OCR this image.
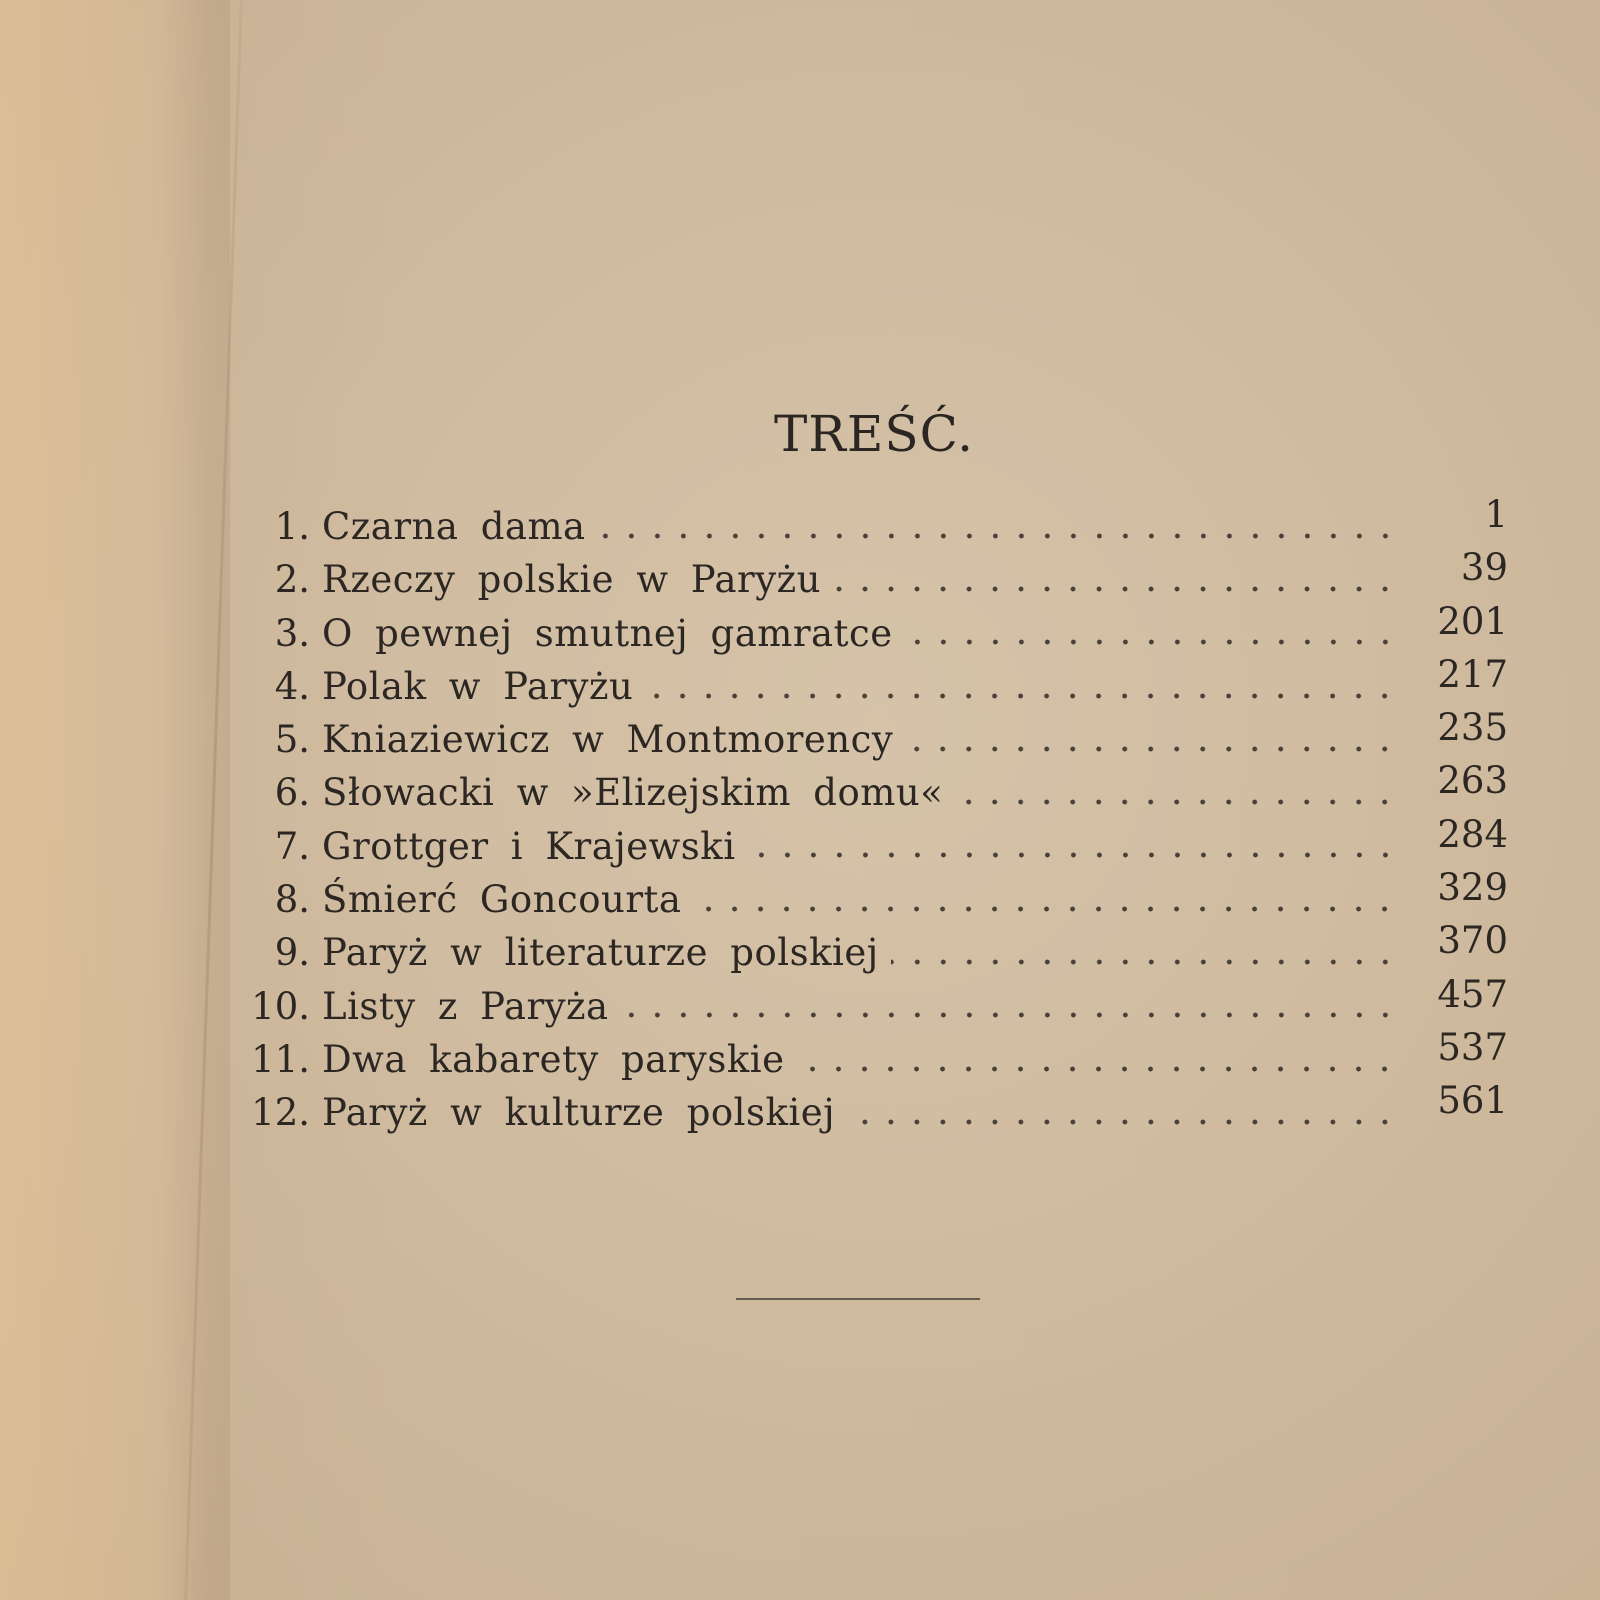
TREŚĆ.
1. Czarna dama	1
2. Rzeczy polskie w Paryżu	39
3. O pewnej smutnej gamratce	201
4. Polak w Paryżu	217
5. Kniaziewicz w Montmorency	235
6. Słowacki w »Elizejskim domu«	263
7. Grottger i Krajewski	284
8. Śmierć Goncourta	329
9. Paryż w literaturze polskiej	370
10. Listy z Paryża	457
11. Dwa kabarety paryskie	537
12. Paryż w kulturze polskiej	561
